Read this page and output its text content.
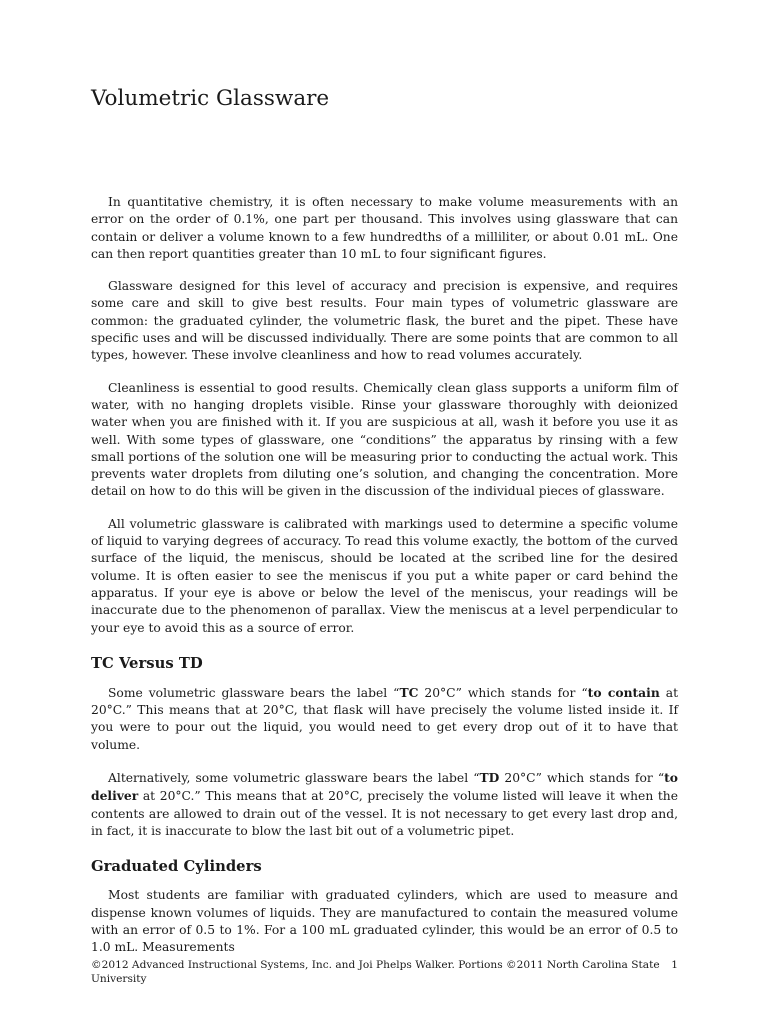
Volumetric Glassware

In quantitative chemistry, it is often necessary to make volume measurements with an error on the order of 0.1%, one part per thousand. This involves using glassware that can contain or deliver a volume known to a few hundredths of a milliliter, or about 0.01 mL. One can then report quantities greater than 10 mL to four significant figures.

Glassware designed for this level of accuracy and precision is expensive, and requires some care and skill to give best results. Four main types of volumetric glassware are common: the graduated cylinder, the volumetric flask, the buret and the pipet. These have specific uses and will be discussed individually. There are some points that are common to all types, however. These involve cleanliness and how to read volumes accurately.

Cleanliness is essential to good results. Chemically clean glass supports a uniform film of water, with no hanging droplets visible. Rinse your glassware thoroughly with deionized water when you are finished with it. If you are suspicious at all, wash it before you use it as well. With some types of glassware, one “conditions” the apparatus by rinsing with a few small portions of the solution one will be measuring prior to conducting the actual work. This prevents water droplets from diluting one’s solution, and changing the concentration. More detail on how to do this will be given in the discussion of the individual pieces of glassware.

All volumetric glassware is calibrated with markings used to determine a specific volume of liquid to varying degrees of accuracy. To read this volume exactly, the bottom of the curved surface of the liquid, the meniscus, should be located at the scribed line for the desired volume. It is often easier to see the meniscus if you put a white paper or card behind the apparatus. If your eye is above or below the level of the meniscus, your readings will be inaccurate due to the phenomenon of parallax. View the meniscus at a level perpendicular to your eye to avoid this as a source of error.

TC Versus TD

Some volumetric glassware bears the label “TC 20°C” which stands for “to contain at 20°C.” This means that at 20°C, that flask will have precisely the volume listed inside it. If you were to pour out the liquid, you would need to get every drop out of it to have that volume.

Alternatively, some volumetric glassware bears the label “TD 20°C” which stands for “to deliver at 20°C.” This means that at 20°C, precisely the volume listed will leave it when the contents are allowed to drain out of the vessel. It is not necessary to get every last drop and, in fact, it is inaccurate to blow the last bit out of a volumetric pipet.

Graduated Cylinders

Most students are familiar with graduated cylinders, which are used to measure and dispense known volumes of liquids. They are manufactured to contain the measured volume with an error of 0.5 to 1%. For a 100 mL graduated cylinder, this would be an error of 0.5 to 1.0 mL. Measurements

©2012 Advanced Instructional Systems, Inc. and Joi Phelps Walker. Portions ©2011 North Carolina State University
1
